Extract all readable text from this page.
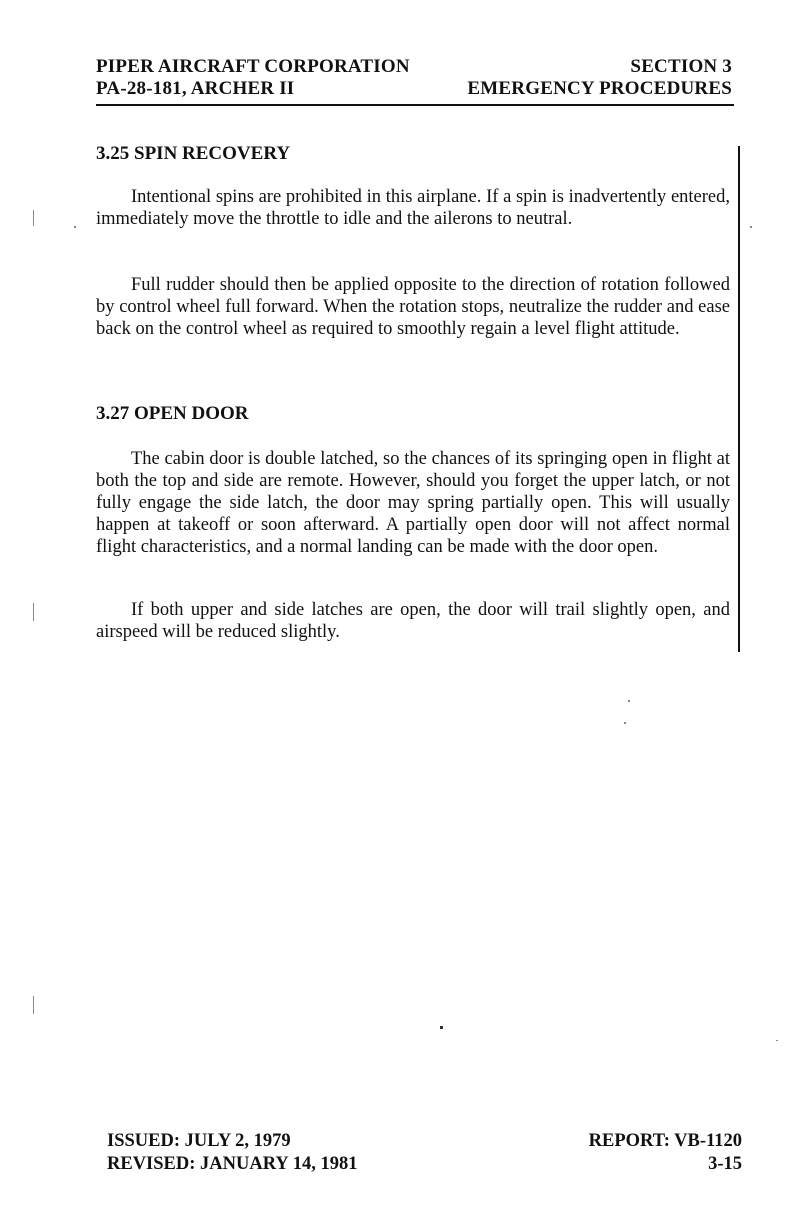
PIPER AIRCRAFT CORPORATION	SECTION 3
PA-28-181, ARCHER II	EMERGENCY PROCEDURES
3.25 SPIN RECOVERY

Intentional spins are prohibited in this airplane. If a spin is inadvertently entered, immediately move the throttle to idle and the ailerons to neutral.

Full rudder should then be applied opposite to the direction of rotation followed by control wheel full forward. When the rotation stops, neutralize the rudder and ease back on the control wheel as required to smoothly regain a level flight attitude.

3.27 OPEN DOOR

The cabin door is double latched, so the chances of its springing open in flight at both the top and side are remote. However, should you forget the upper latch, or not fully engage the side latch, the door may spring partially open. This will usually happen at takeoff or soon afterward. A partially open door will not affect normal flight characteristics, and a normal landing can be made with the door open.

If both upper and side latches are open, the door will trail slightly open, and airspeed will be reduced slightly.

ISSUED: JULY 2, 1979
REVISED: JANUARY 14, 1981
REPORT: VB-1120
3-15
